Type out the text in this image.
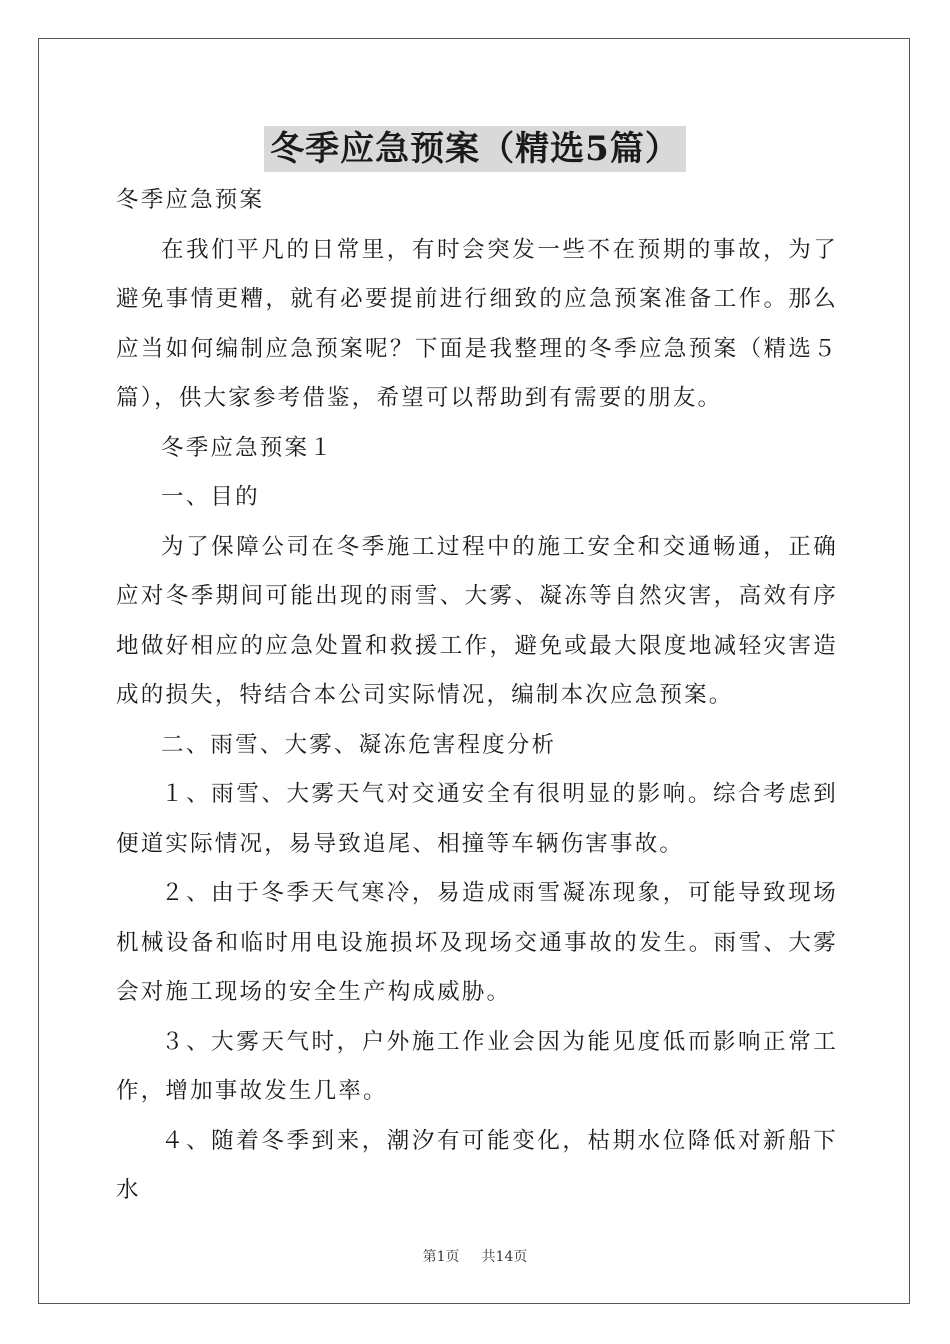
冬季应急预案（精选5篇）

冬季应急预案

在我们平凡的日常里，有时会突发一些不在预期的事故，为了避免事情更糟，就有必要提前进行细致的应急预案准备工作。那么应当如何编制应急预案呢？下面是我整理的冬季应急预案（精选５篇），供大家参考借鉴，希望可以帮助到有需要的朋友。

冬季应急预案１

一、目的

为了保障公司在冬季施工过程中的施工安全和交通畅通，正确应对冬季期间可能出现的雨雪、大雾、凝冻等自然灾害，高效有序地做好相应的应急处置和救援工作，避免或最大限度地减轻灾害造成的损失，特结合本公司实际情况，编制本次应急预案。

二、雨雪、大雾、凝冻危害程度分析

１、雨雪、大雾天气对交通安全有很明显的影响。综合考虑到便道实际情况，易导致追尾、相撞等车辆伤害事故。

２、由于冬季天气寒冷，易造成雨雪凝冻现象，可能导致现场机械设备和临时用电设施损坏及现场交通事故的发生。雨雪、大雾会对施工现场的安全生产构成威胁。

３、大雾天气时，户外施工作业会因为能见度低而影响正常工作，增加事故发生几率。

４、随着冬季到来，潮汐有可能变化，枯期水位降低对新船下水

第1页 共14页
